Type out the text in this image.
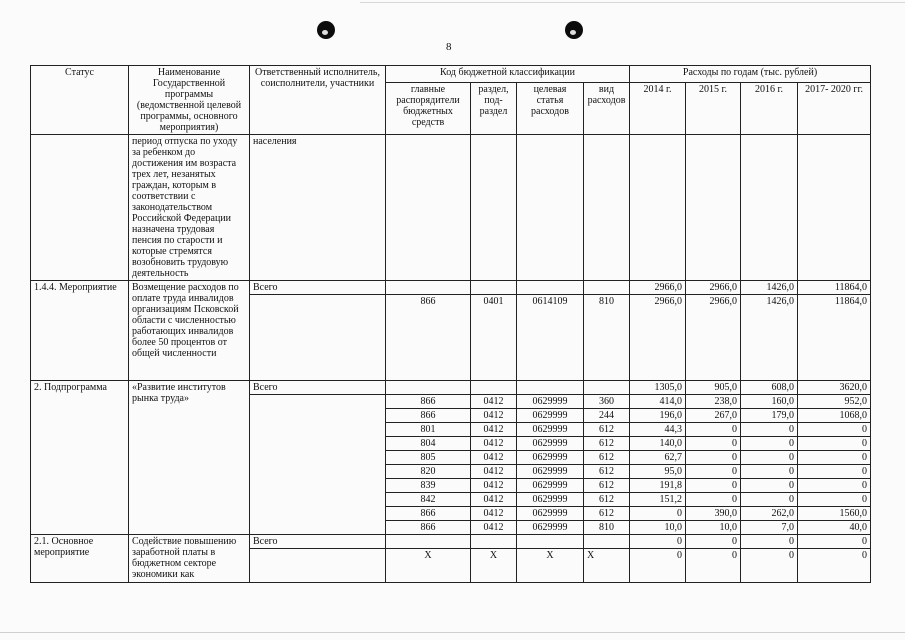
8
Статус	Наименование Государственной программы (ведомственной целевой программы, основного мероприятия)	Ответственный исполнитель, соисполнители, участники	Код бюджетной классификации				Расходы по годам (тыс. рублей)			
			главные распорядители бюджетных средств	раздел, под- раздел	целевая статья расходов	вид расходов	2014 г.	2015 г.	2016 г.	2017- 2020 гг.
	период отпуска по уходу за ребенком до достижения им возраста трех лет, незанятых граждан, которым в соответствии с законодательством Российской Федерации назначена трудовая пенсия по старости и которые стремятся возобновить трудовую деятельность	населения								
1.4.4. Мероприятие	Возмещение расходов по оплате труда инвалидов организациям Псковской области с численностью работающих инвалидов более 50 процентов от общей численности	Всего					2966,0	2966,0	1426,0	11864,0
			866	0401	0614109	810	2966,0	2966,0	1426,0	11864,0
2. Подпрограмма	«Развитие институтов рынка труда»	Всего					1305,0	905,0	608,0	3620,0
			866	0412	0629999	360	414,0	238,0	160,0	952,0
			866	0412	0629999	244	196,0	267,0	179,0	1068,0
			801	0412	0629999	612	44,3	0	0	0
			804	0412	0629999	612	140,0	0	0	0
			805	0412	0629999	612	62,7	0	0	0
			820	0412	0629999	612	95,0	0	0	0
			839	0412	0629999	612	191,8	0	0	0
			842	0412	0629999	612	151,2	0	0	0
			866	0412	0629999	612	0	390,0	262,0	1560,0
			866	0412	0629999	810	10,0	10,0	7,0	40,0
2.1. Основное мероприятие	Содействие повышению заработной платы в бюджетном секторе экономики как	Всего					0	0	0	0
			Х	Х	Х	Х	0	0	0	0
